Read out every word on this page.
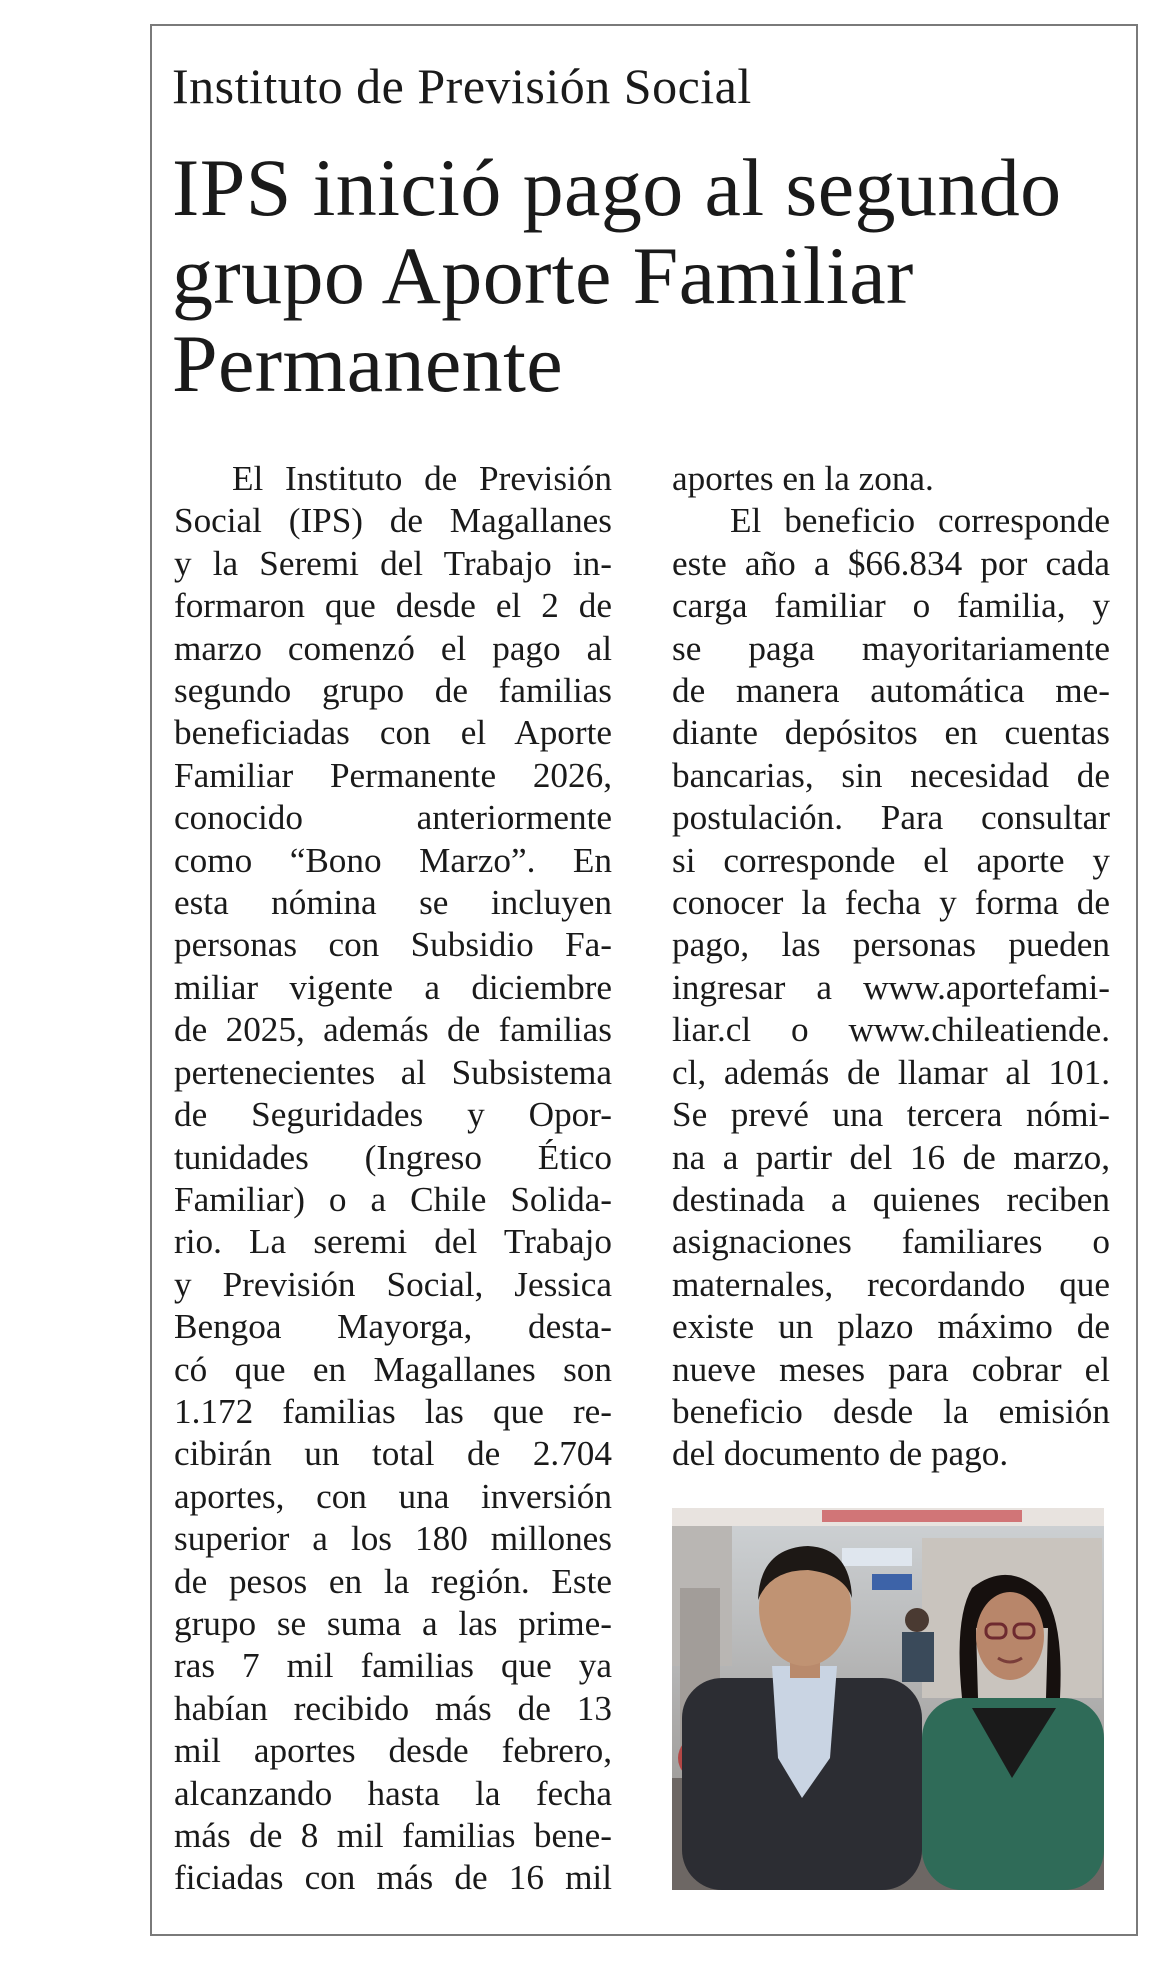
Instituto de Previsión Social
IPS inició pago al segundo
grupo Aporte Familiar
Permanente
El Instituto de Previsión
Social (IPS) de Magallanes
y la Seremi del Trabajo in-
formaron que desde el 2 de
marzo comenzó el pago al
segundo grupo de familias
beneficiadas con el Aporte
Familiar Permanente 2026,
conocido anteriormente
como “Bono Marzo”. En
esta nómina se incluyen
personas con Subsidio Fa-
miliar vigente a diciembre
de 2025, además de familias
pertenecientes al Subsistema
de Seguridades y Opor-
tunidades (Ingreso Ético
Familiar) o a Chile Solida-
rio. La seremi del Trabajo
y Previsión Social, Jessica
Bengoa Mayorga, desta-
có que en Magallanes son
1.172 familias las que re-
cibirán un total de 2.704
aportes, con una inversión
superior a los 180 millones
de pesos en la región. Este
grupo se suma a las prime-
ras 7 mil familias que ya
habían recibido más de 13
mil aportes desde febrero,
alcanzando hasta la fecha
más de 8 mil familias bene-
ficiadas con más de 16 mil
aportes en la zona.
El beneficio corresponde
este año a $66.834 por cada
carga familiar o familia, y
se paga mayoritariamente
de manera automática me-
diante depósitos en cuentas
bancarias, sin necesidad de
postulación. Para consultar
si corresponde el aporte y
conocer la fecha y forma de
pago, las personas pueden
ingresar a www.aportefami-
liar.cl o www.chileatiende.
cl, además de llamar al 101.
Se prevé una tercera nómi-
na a partir del 16 de marzo,
destinada a quienes reciben
asignaciones familiares o
maternales, recordando que
existe un plazo máximo de
nueve meses para cobrar el
beneficio desde la emisión
del documento de pago.
